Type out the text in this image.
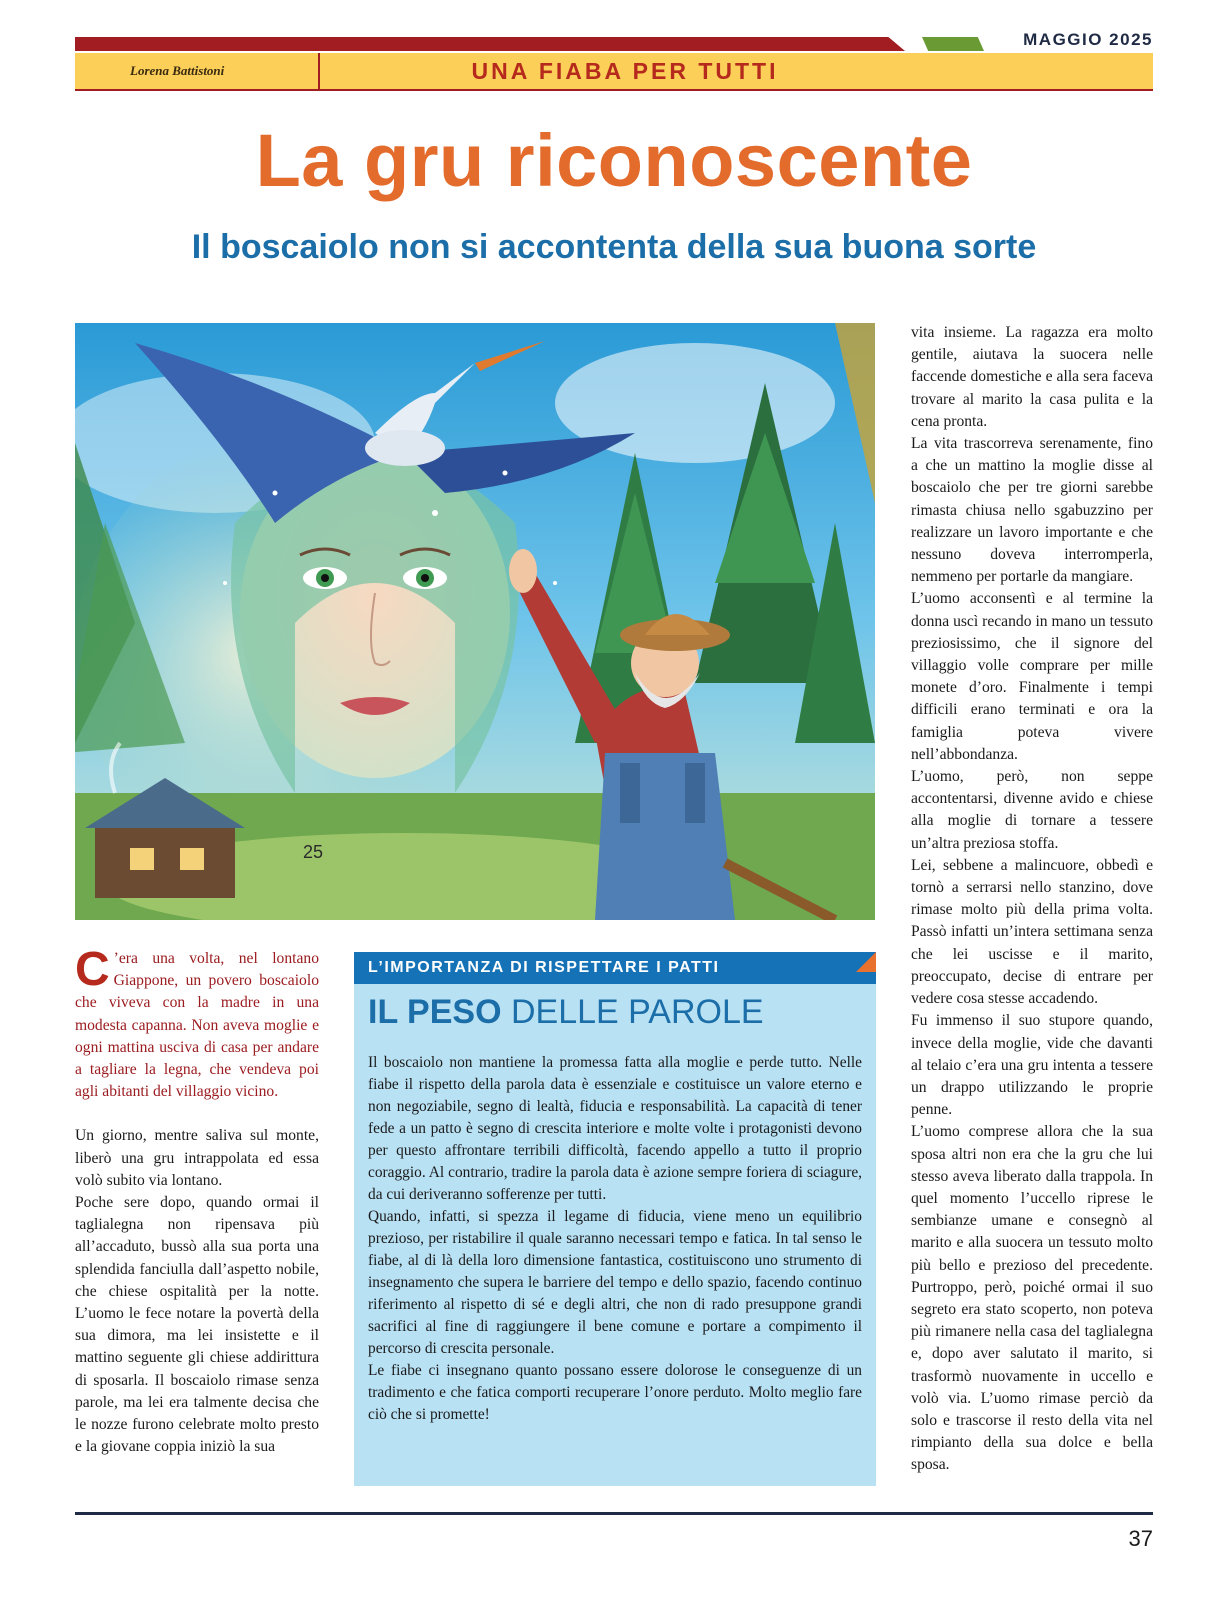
MAGGIO 2025
Lorena Battistoni	UNA FIABA PER TUTTI
La gru riconoscente
Il boscaiolo non si accontenta della sua buona sorte
25

C ’era una volta, nel lontano Giappone, un povero boscaiolo che viveva con la madre in una modesta capanna. Non aveva moglie e ogni mattina usciva di casa per andare a tagliare la legna, che vendeva poi agli abitanti del villaggio vicino.

Un giorno, mentre saliva sul monte, liberò una gru intrappolata ed essa volò subito via lontano.

Poche sere dopo, quando ormai il taglialegna non ripensava più all’accaduto, bussò alla sua porta una splendida fanciulla dall’aspetto nobile, che chiese ospitalità per la notte. L’uomo le fece notare la povertà della sua dimora, ma lei insistette e il mattino seguente gli chiese addirittura di sposarla. Il boscaiolo rimase senza parole, ma lei era talmente decisa che le nozze furono celebrate molto presto e la giovane coppia iniziò la sua

L’IMPORTANZA DI RISPETTARE I PATTI
IL PESO DELLE PAROLE

Il boscaiolo non mantiene la promessa fatta alla moglie e perde tutto. Nelle fiabe il rispetto della parola data è essenziale e costituisce un valore eterno e non negoziabile, segno di lealtà, fiducia e responsabilità. La capacità di tener fede a un patto è segno di crescita interiore e molte volte i protagonisti devono per questo affrontare terribili difficoltà, facendo appello a tutto il proprio coraggio. Al contrario, tradire la parola data è azione sempre foriera di sciagure, da cui deriveranno sofferenze per tutti.

Quando, infatti, si spezza il legame di fiducia, viene meno un equilibrio prezioso, per ristabilire il quale saranno necessari tempo e fatica. In tal senso le fiabe, al di là della loro dimensione fantastica, costituiscono uno strumento di insegnamento che supera le barriere del tempo e dello spazio, facendo continuo riferimento al rispetto di sé e degli altri, che non di rado presuppone grandi sacrifici al fine di raggiungere il bene comune e portare a compimento il percorso di crescita personale.

Le fiabe ci insegnano quanto possano essere dolorose le conseguenze di un tradimento e che fatica comporti recuperare l’onore perduto. Molto meglio fare ciò che si promette!

vita insieme. La ragazza era molto gentile, aiutava la suocera nelle faccende domestiche e alla sera faceva trovare al marito la casa pulita e la cena pronta.

La vita trascorreva serenamente, fino a che un mattino la moglie disse al boscaiolo che per tre giorni sarebbe rimasta chiusa nello sgabuzzino per realizzare un lavoro importante e che nessuno doveva interromperla, nemmeno per portarle da mangiare.

L’uomo acconsentì e al termine la donna uscì recando in mano un tessuto preziosissimo, che il signore del villaggio volle comprare per mille monete d’oro. Finalmente i tempi difficili erano terminati e ora la famiglia poteva vivere nell’abbondanza.

L’uomo, però, non seppe accontentarsi, divenne avido e chiese alla moglie di tornare a tessere un’altra preziosa stoffa.

Lei, sebbene a malincuore, obbedì e tornò a serrarsi nello stanzino, dove rimase molto più della prima volta. Passò infatti un’intera settimana senza che lei uscisse e il marito, preoccupato, decise di entrare per vedere cosa stesse accadendo.

Fu immenso il suo stupore quando, invece della moglie, vide che davanti al telaio c’era una gru intenta a tessere un drappo utilizzando le proprie penne.

L’uomo comprese allora che la sua sposa altri non era che la gru che lui stesso aveva liberato dalla trappola. In quel momento l’uccello riprese le sembianze umane e consegnò al marito e alla suocera un tessuto molto più bello e prezioso del precedente. Purtroppo, però, poiché ormai il suo segreto era stato scoperto, non poteva più rimanere nella casa del taglialegna e, dopo aver salutato il marito, si trasformò nuovamente in uccello e volò via. L’uomo rimase perciò da solo e trascorse il resto della vita nel rimpianto della sua dolce e bella sposa.

37
